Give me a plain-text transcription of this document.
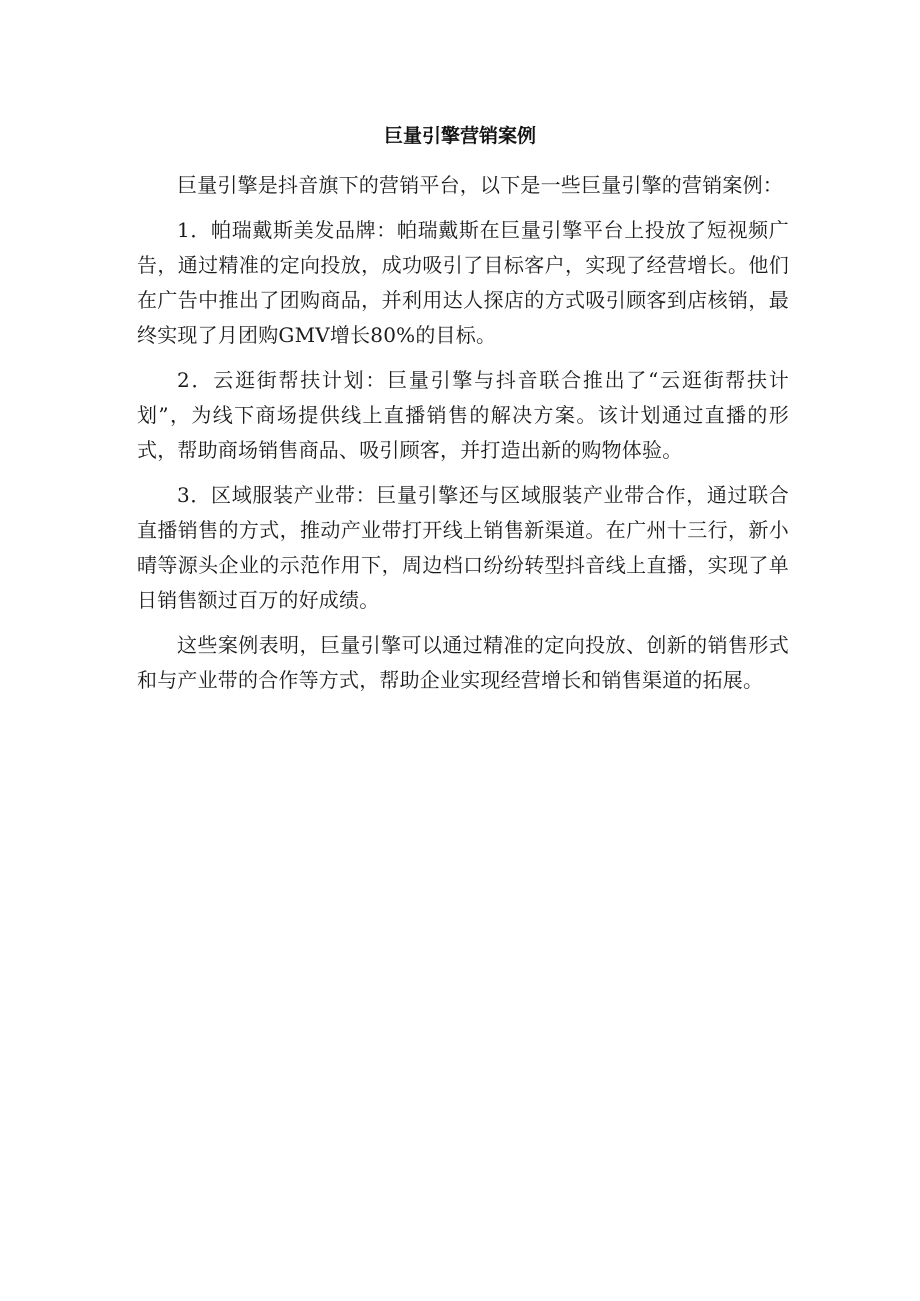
巨量引擎营销案例

巨量引擎是抖音旗下的营销平台，以下是一些巨量引擎的营销案例：

1．帕瑞戴斯美发品牌：帕瑞戴斯在巨量引擎平台上投放了短视频广告，通过精准的定向投放，成功吸引了目标客户，实现了经营增长。他们在广告中推出了团购商品，并利用达人探店的方式吸引顾客到店核销，最终实现了月团购GMV增长80%的目标。

2．云逛街帮扶计划：巨量引擎与抖音联合推出了“云逛街帮扶计划”，为线下商场提供线上直播销售的解决方案。该计划通过直播的形式，帮助商场销售商品、吸引顾客，并打造出新的购物体验。

3．区域服装产业带：巨量引擎还与区域服装产业带合作，通过联合直播销售的方式，推动产业带打开线上销售新渠道。在广州十三行，新小晴等源头企业的示范作用下，周边档口纷纷转型抖音线上直播，实现了单日销售额过百万的好成绩。

这些案例表明，巨量引擎可以通过精准的定向投放、创新的销售形式和与产业带的合作等方式，帮助企业实现经营增长和销售渠道的拓展。
